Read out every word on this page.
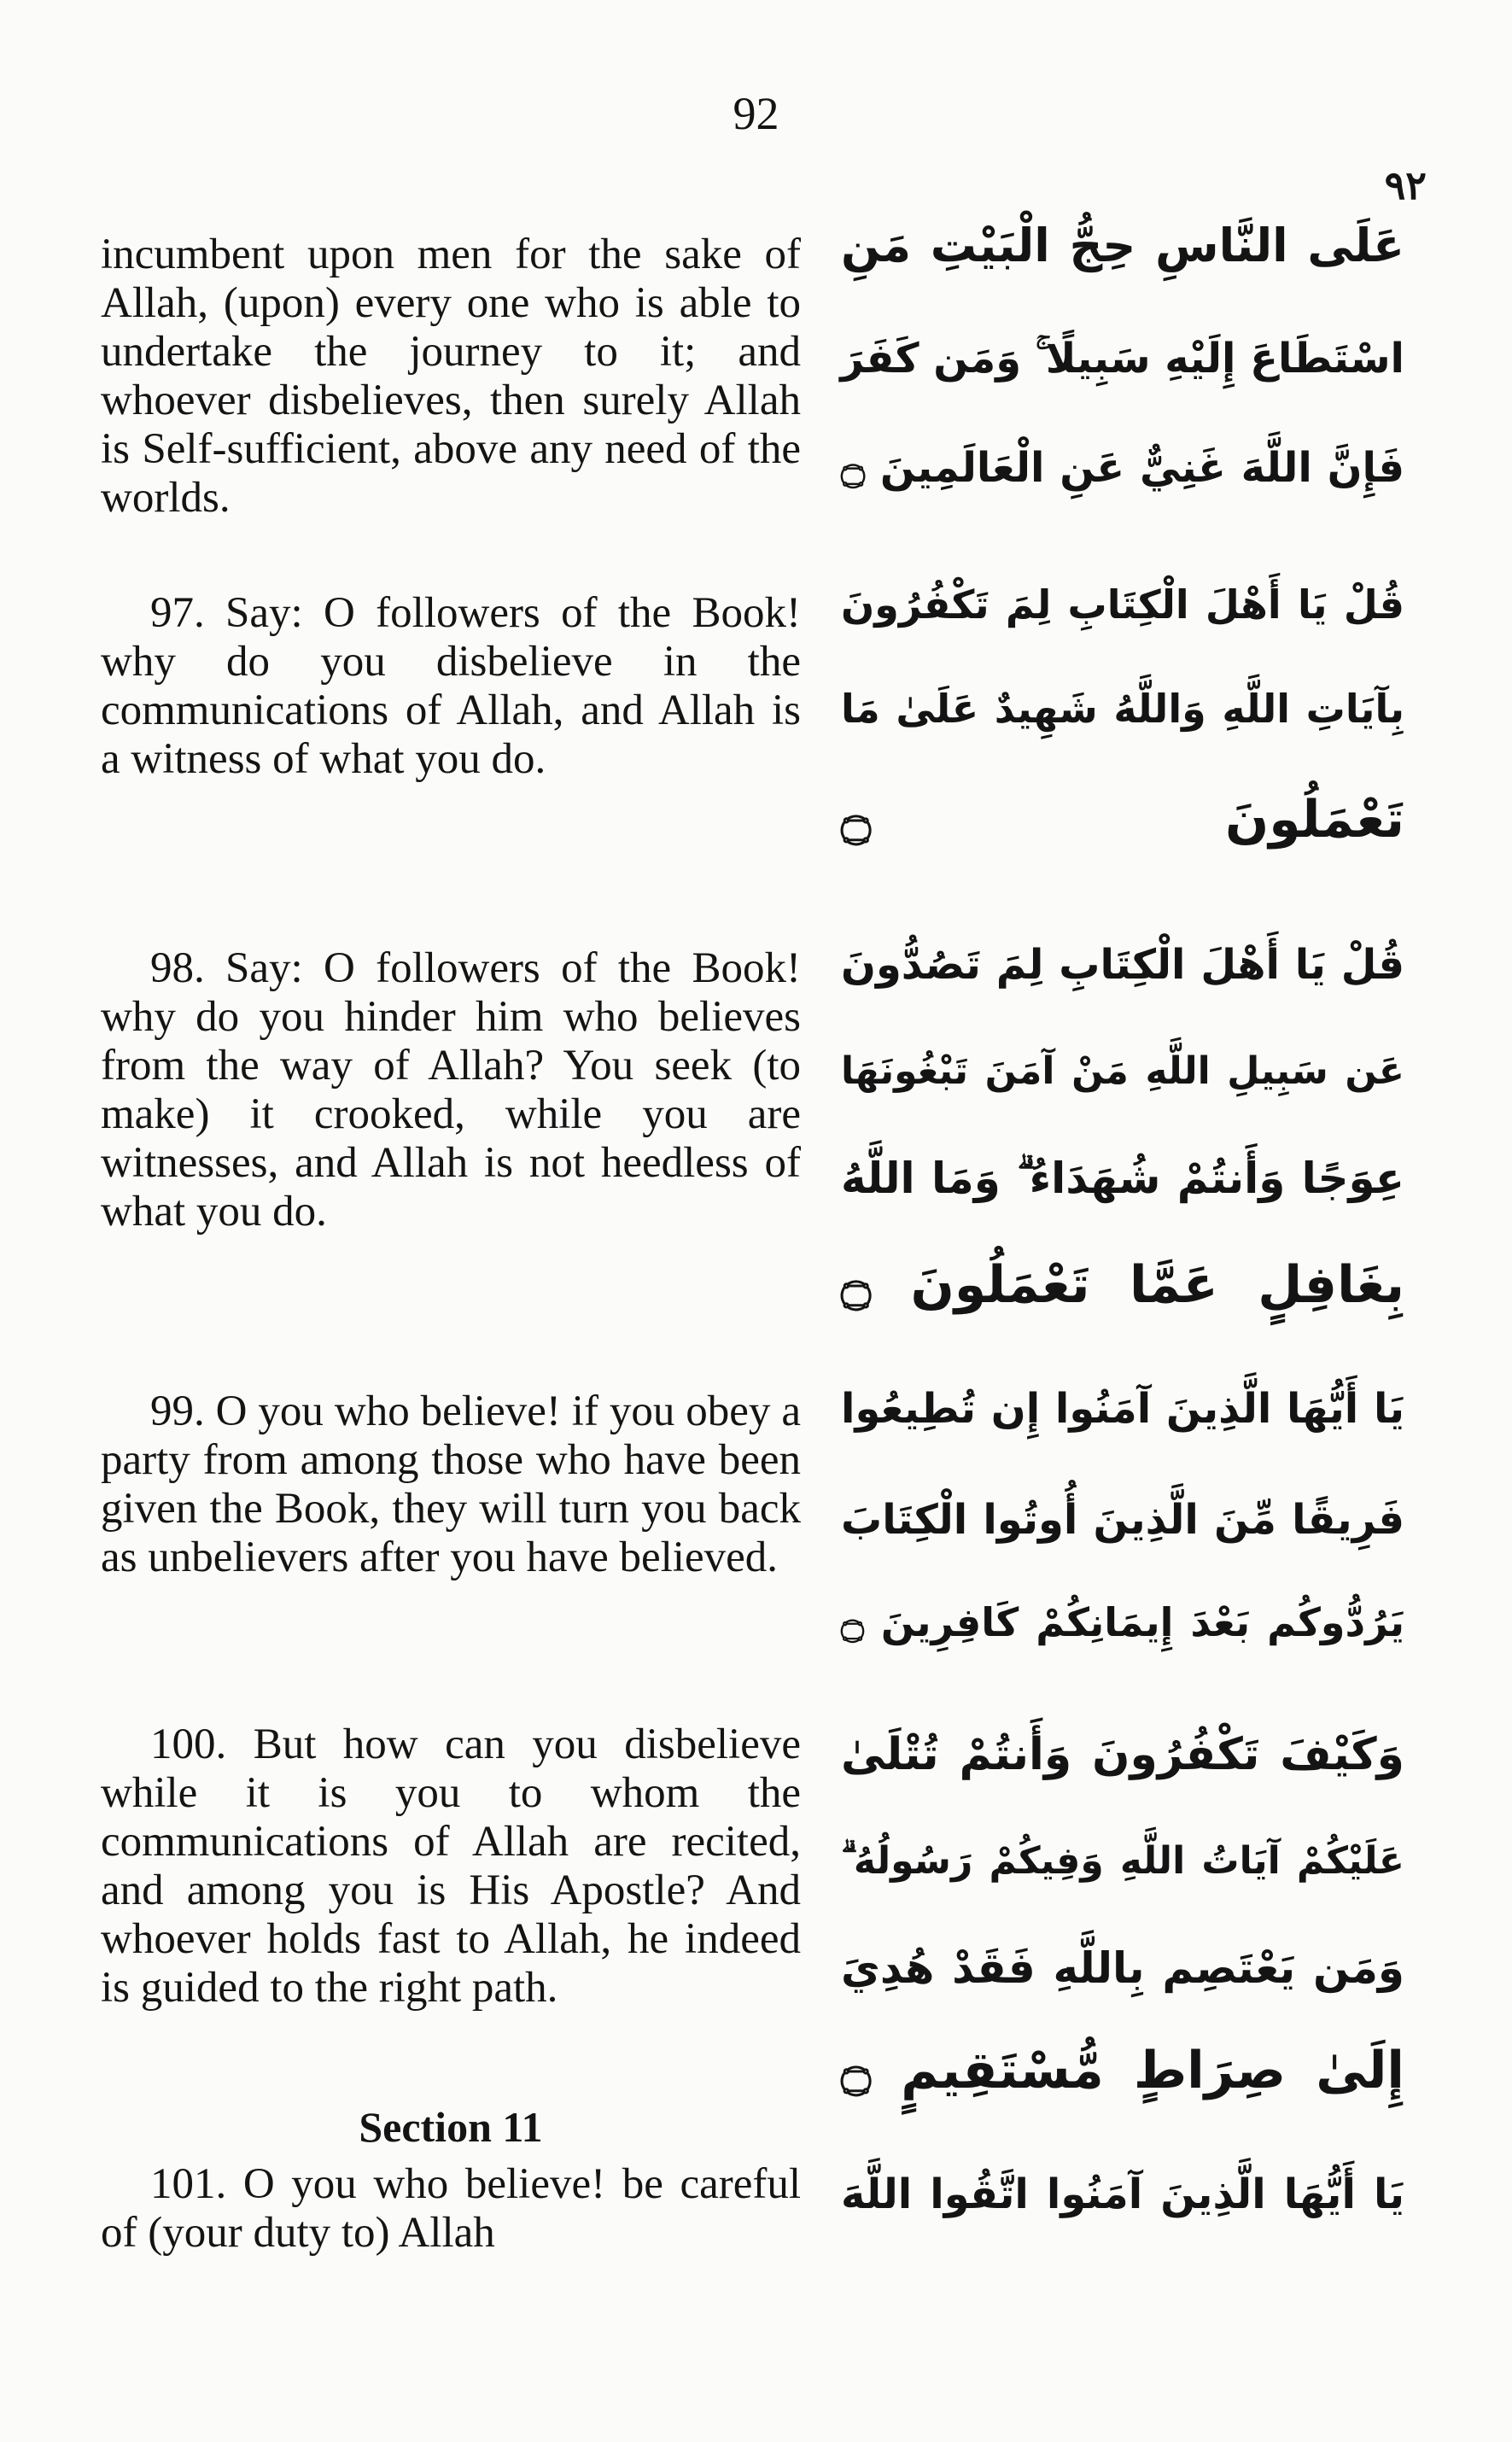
92
٩٢

incumbent upon men for the sake of Allah, (upon) every one who is able to undertake the journey to it; and whoever disbelieves, then surely Allah is Self-sufficient, above any need of the worlds.

97. Say: O followers of the Book! why do you disbelieve in the communications of Allah, and Allah is a witness of what you do.

98. Say: O followers of the Book! why do you hinder him who believes from the way of Allah? You seek (to make) it crooked, while you are witnesses, and Allah is not heedless of what you do.

99. O you who believe! if you obey a party from among those who have been given the Book, they will turn you back as unbelievers after you have believed.

100. But how can you disbelieve while it is you to whom the communications of Allah are recited, and among you is His Apostle? And whoever holds fast to Allah, he indeed is guided to the right path.

Section 11

101. O you who believe! be careful of (your duty to) Allah

عَلَى النَّاسِ حِجُّ الْبَيْتِ مَنِ
اسْتَطَاعَ إِلَيْهِ سَبِيلًا ۚ وَمَن كَفَرَ
فَإِنَّ اللَّهَ غَنِيٌّ عَنِ الْعَالَمِينَ ۝
قُلْ يَا أَهْلَ الْكِتَابِ لِمَ تَكْفُرُونَ
بِآيَاتِ اللَّهِ وَاللَّهُ شَهِيدٌ عَلَىٰ مَا
تَعْمَلُونَ ۝
قُلْ يَا أَهْلَ الْكِتَابِ لِمَ تَصُدُّونَ
عَن سَبِيلِ اللَّهِ مَنْ آمَنَ تَبْغُونَهَا
عِوَجًا وَأَنتُمْ شُهَدَاءُ ۗ وَمَا اللَّهُ
بِغَافِلٍ عَمَّا تَعْمَلُونَ ۝
يَا أَيُّهَا الَّذِينَ آمَنُوا إِن تُطِيعُوا
فَرِيقًا مِّنَ الَّذِينَ أُوتُوا الْكِتَابَ
يَرُدُّوكُم بَعْدَ إِيمَانِكُمْ كَافِرِينَ ۝
وَكَيْفَ تَكْفُرُونَ وَأَنتُمْ تُتْلَىٰ
عَلَيْكُمْ آيَاتُ اللَّهِ وَفِيكُمْ رَسُولُهُ ۗ
وَمَن يَعْتَصِم بِاللَّهِ فَقَدْ هُدِيَ
إِلَىٰ صِرَاطٍ مُّسْتَقِيمٍ ۝
يَا أَيُّهَا الَّذِينَ آمَنُوا اتَّقُوا اللَّهَ
